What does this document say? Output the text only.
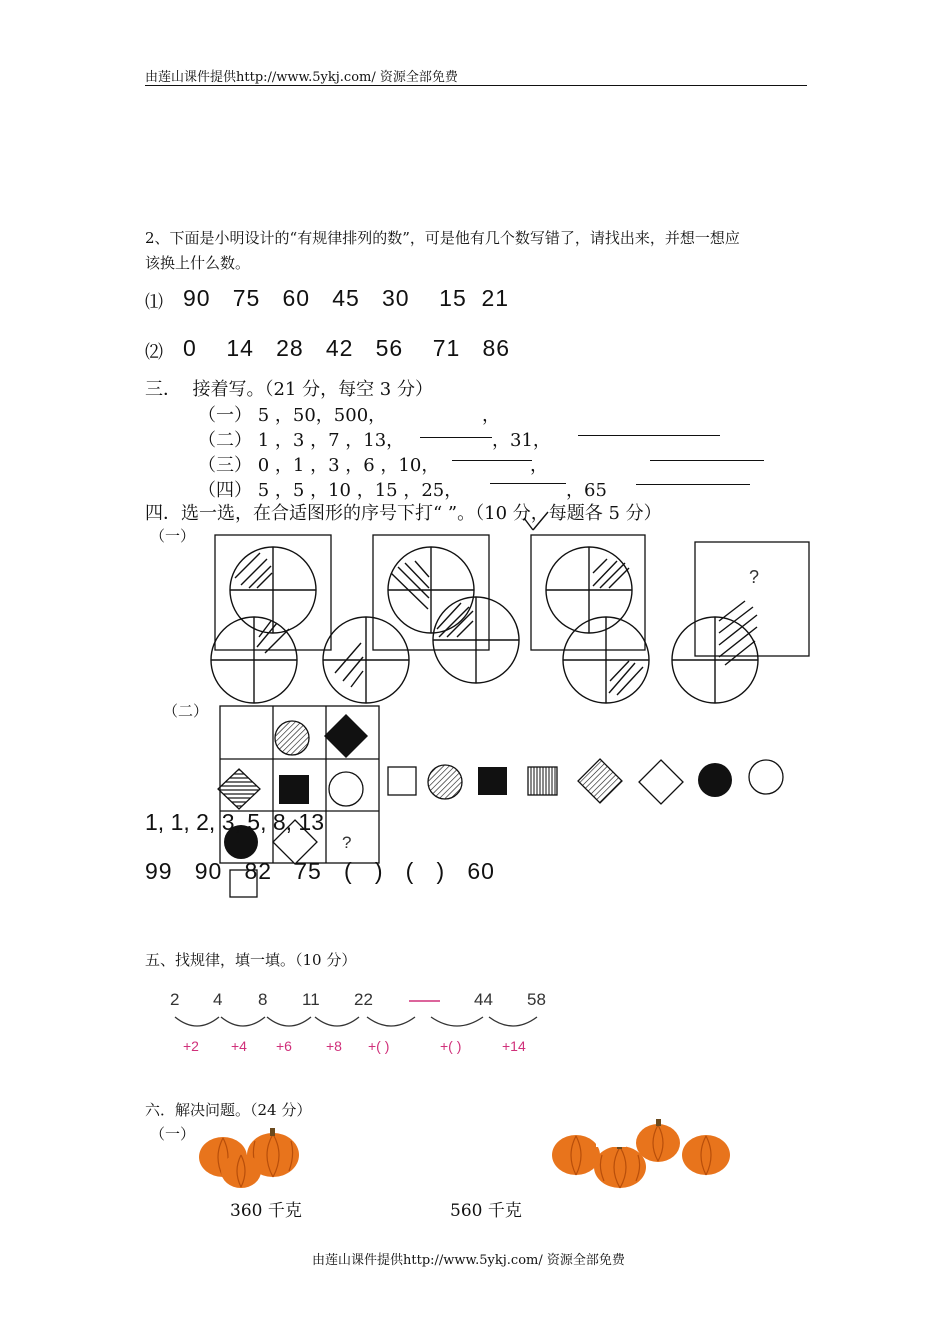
由莲山课件提供http://www.5ykj.com/ 资源全部免费
2、下面是小明设计的“有规律排列的数”，可是他有几个数写错了，请找出来，并想一想应
该换上什么数。
⑴ 90   75   60   45   30    15  21
⑵ 0    14   28   42   56    71   86
三．  接着写。（21 分，每空 3 分）
（一） 5 ，50，500，	，
（二） 1 ，3 ，7 ，13，	，31，
（三） 0 ，1 ，3 ，6 ，10，	，
（四） 5 ，5 ，10 ，15 ，25，	，65
四．选一选，在合适图形的序号下打“ ”。（10 分，每题各 5 分）
（一）
?
（二）
?
1, 1, 2, 3, 5, 8, 13
99   90   82   75   (   )   (   )   60
五、找规律，填一填。（10 分）
2 4 8 11 22	44 58
+2 +4 +6 +8 +( )	+( )	+14
六．解决问题。（24 分）
（一）
360 千克	560 千克
由莲山课件提供http://www.5ykj.com/ 资源全部免费
